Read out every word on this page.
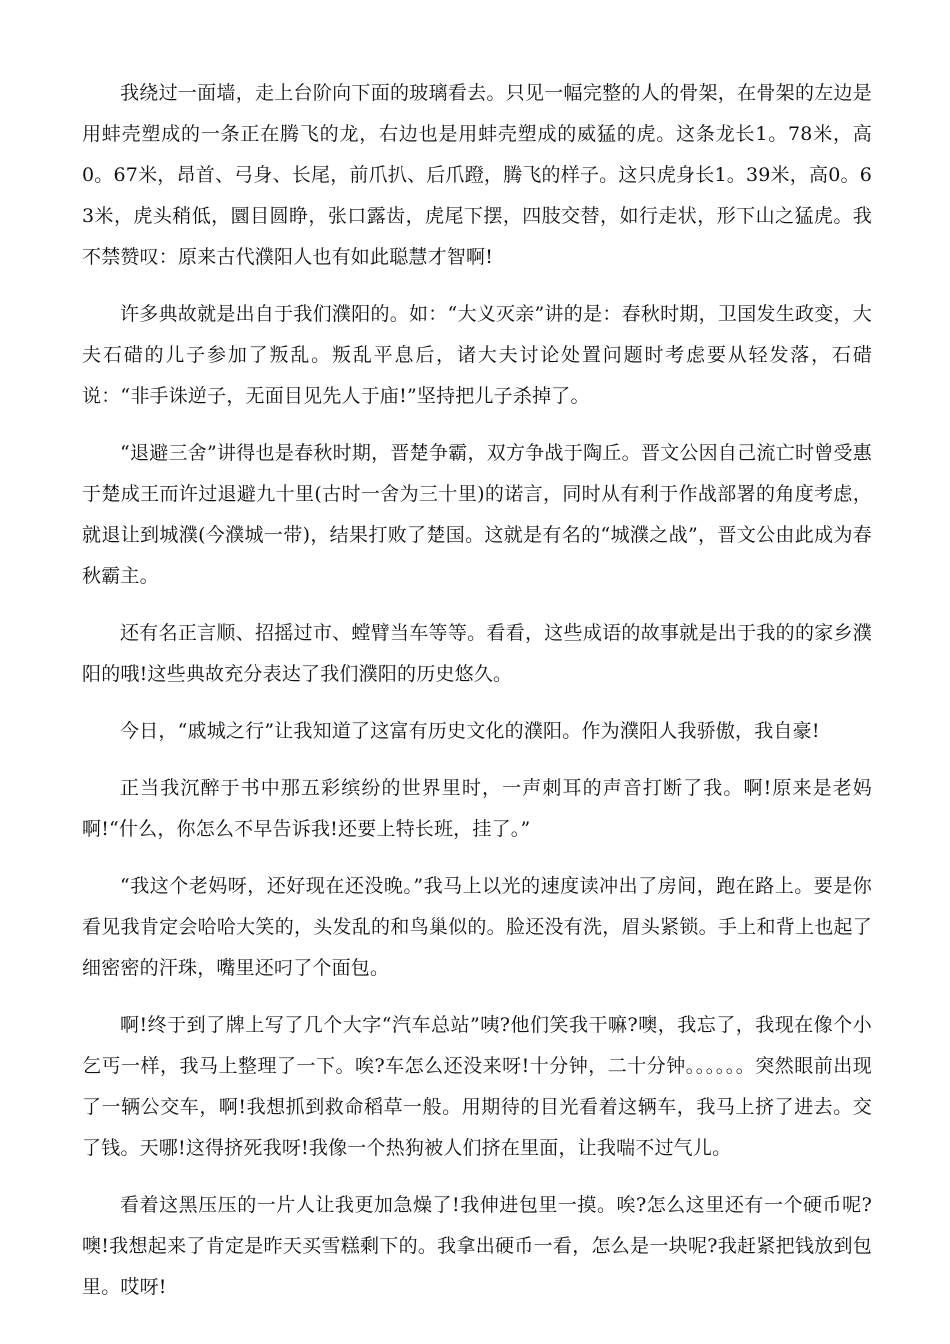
我绕过一面墙，走上台阶向下面的玻璃看去。只见一幅完整的人的骨架，在骨架的左边是用蚌壳塑成的一条正在腾飞的龙，右边也是用蚌壳塑成的威猛的虎。这条龙长1。78米，高0。67米，昂首、弓身、长尾，前爪扒、后爪蹬，腾飞的样子。这只虎身长1。39米，高0。63米，虎头稍低，圜目圆睁，张口露齿，虎尾下摆，四肢交替，如行走状，形下山之猛虎。我不禁赞叹：原来古代濮阳人也有如此聪慧才智啊!

许多典故就是出自于我们濮阳的。如：“大义灭亲”讲的是：春秋时期，卫国发生政变，大夫石碏的儿子参加了叛乱。叛乱平息后，诸大夫讨论处置问题时考虑要从轻发落，石碏说：“非手诛逆子，无面目见先人于庙!”坚持把儿子杀掉了。

“退避三舍”讲得也是春秋时期，晋楚争霸，双方争战于陶丘。晋文公因自己流亡时曾受惠于楚成王而许过退避九十里(古时一舍为三十里)的诺言，同时从有利于作战部署的角度考虑，就退让到城濮(今濮城一带)，结果打败了楚国。这就是有名的“城濮之战”，晋文公由此成为春秋霸主。

还有名正言顺、招摇过市、螳臂当车等等。看看，这些成语的故事就是出于我的的家乡濮阳的哦!这些典故充分表达了我们濮阳的历史悠久。

今日，“戚城之行”让我知道了这富有历史文化的濮阳。作为濮阳人我骄傲，我自豪!

正当我沉醉于书中那五彩缤纷的世界里时，一声刺耳的声音打断了我。啊!原来是老妈啊!“什么，你怎么不早告诉我!还要上特长班，挂了。”

“我这个老妈呀，还好现在还没晚。”我马上以光的速度读冲出了房间，跑在路上。要是你看见我肯定会哈哈大笑的，头发乱的和鸟巢似的。脸还没有洗，眉头紧锁。手上和背上也起了细密密的汗珠，嘴里还叼了个面包。

啊!终于到了牌上写了几个大字“汽车总站”咦?他们笑我干嘛?噢，我忘了，我现在像个小乞丐一样，我马上整理了一下。唉?车怎么还没来呀!十分钟，二十分钟。。。。。。突然眼前出现了一辆公交车，啊!我想抓到救命稻草一般。用期待的目光看着这辆车，我马上挤了进去。交了钱。天哪!这得挤死我呀!我像一个热狗被人们挤在里面，让我喘不过气儿。

看着这黑压压的一片人让我更加急燥了!我伸进包里一摸。唉?怎么这里还有一个硬币呢?噢!我想起来了肯定是昨天买雪糕剩下的。我拿出硬币一看，怎么是一块呢?我赶紧把钱放到包里。哎呀!
